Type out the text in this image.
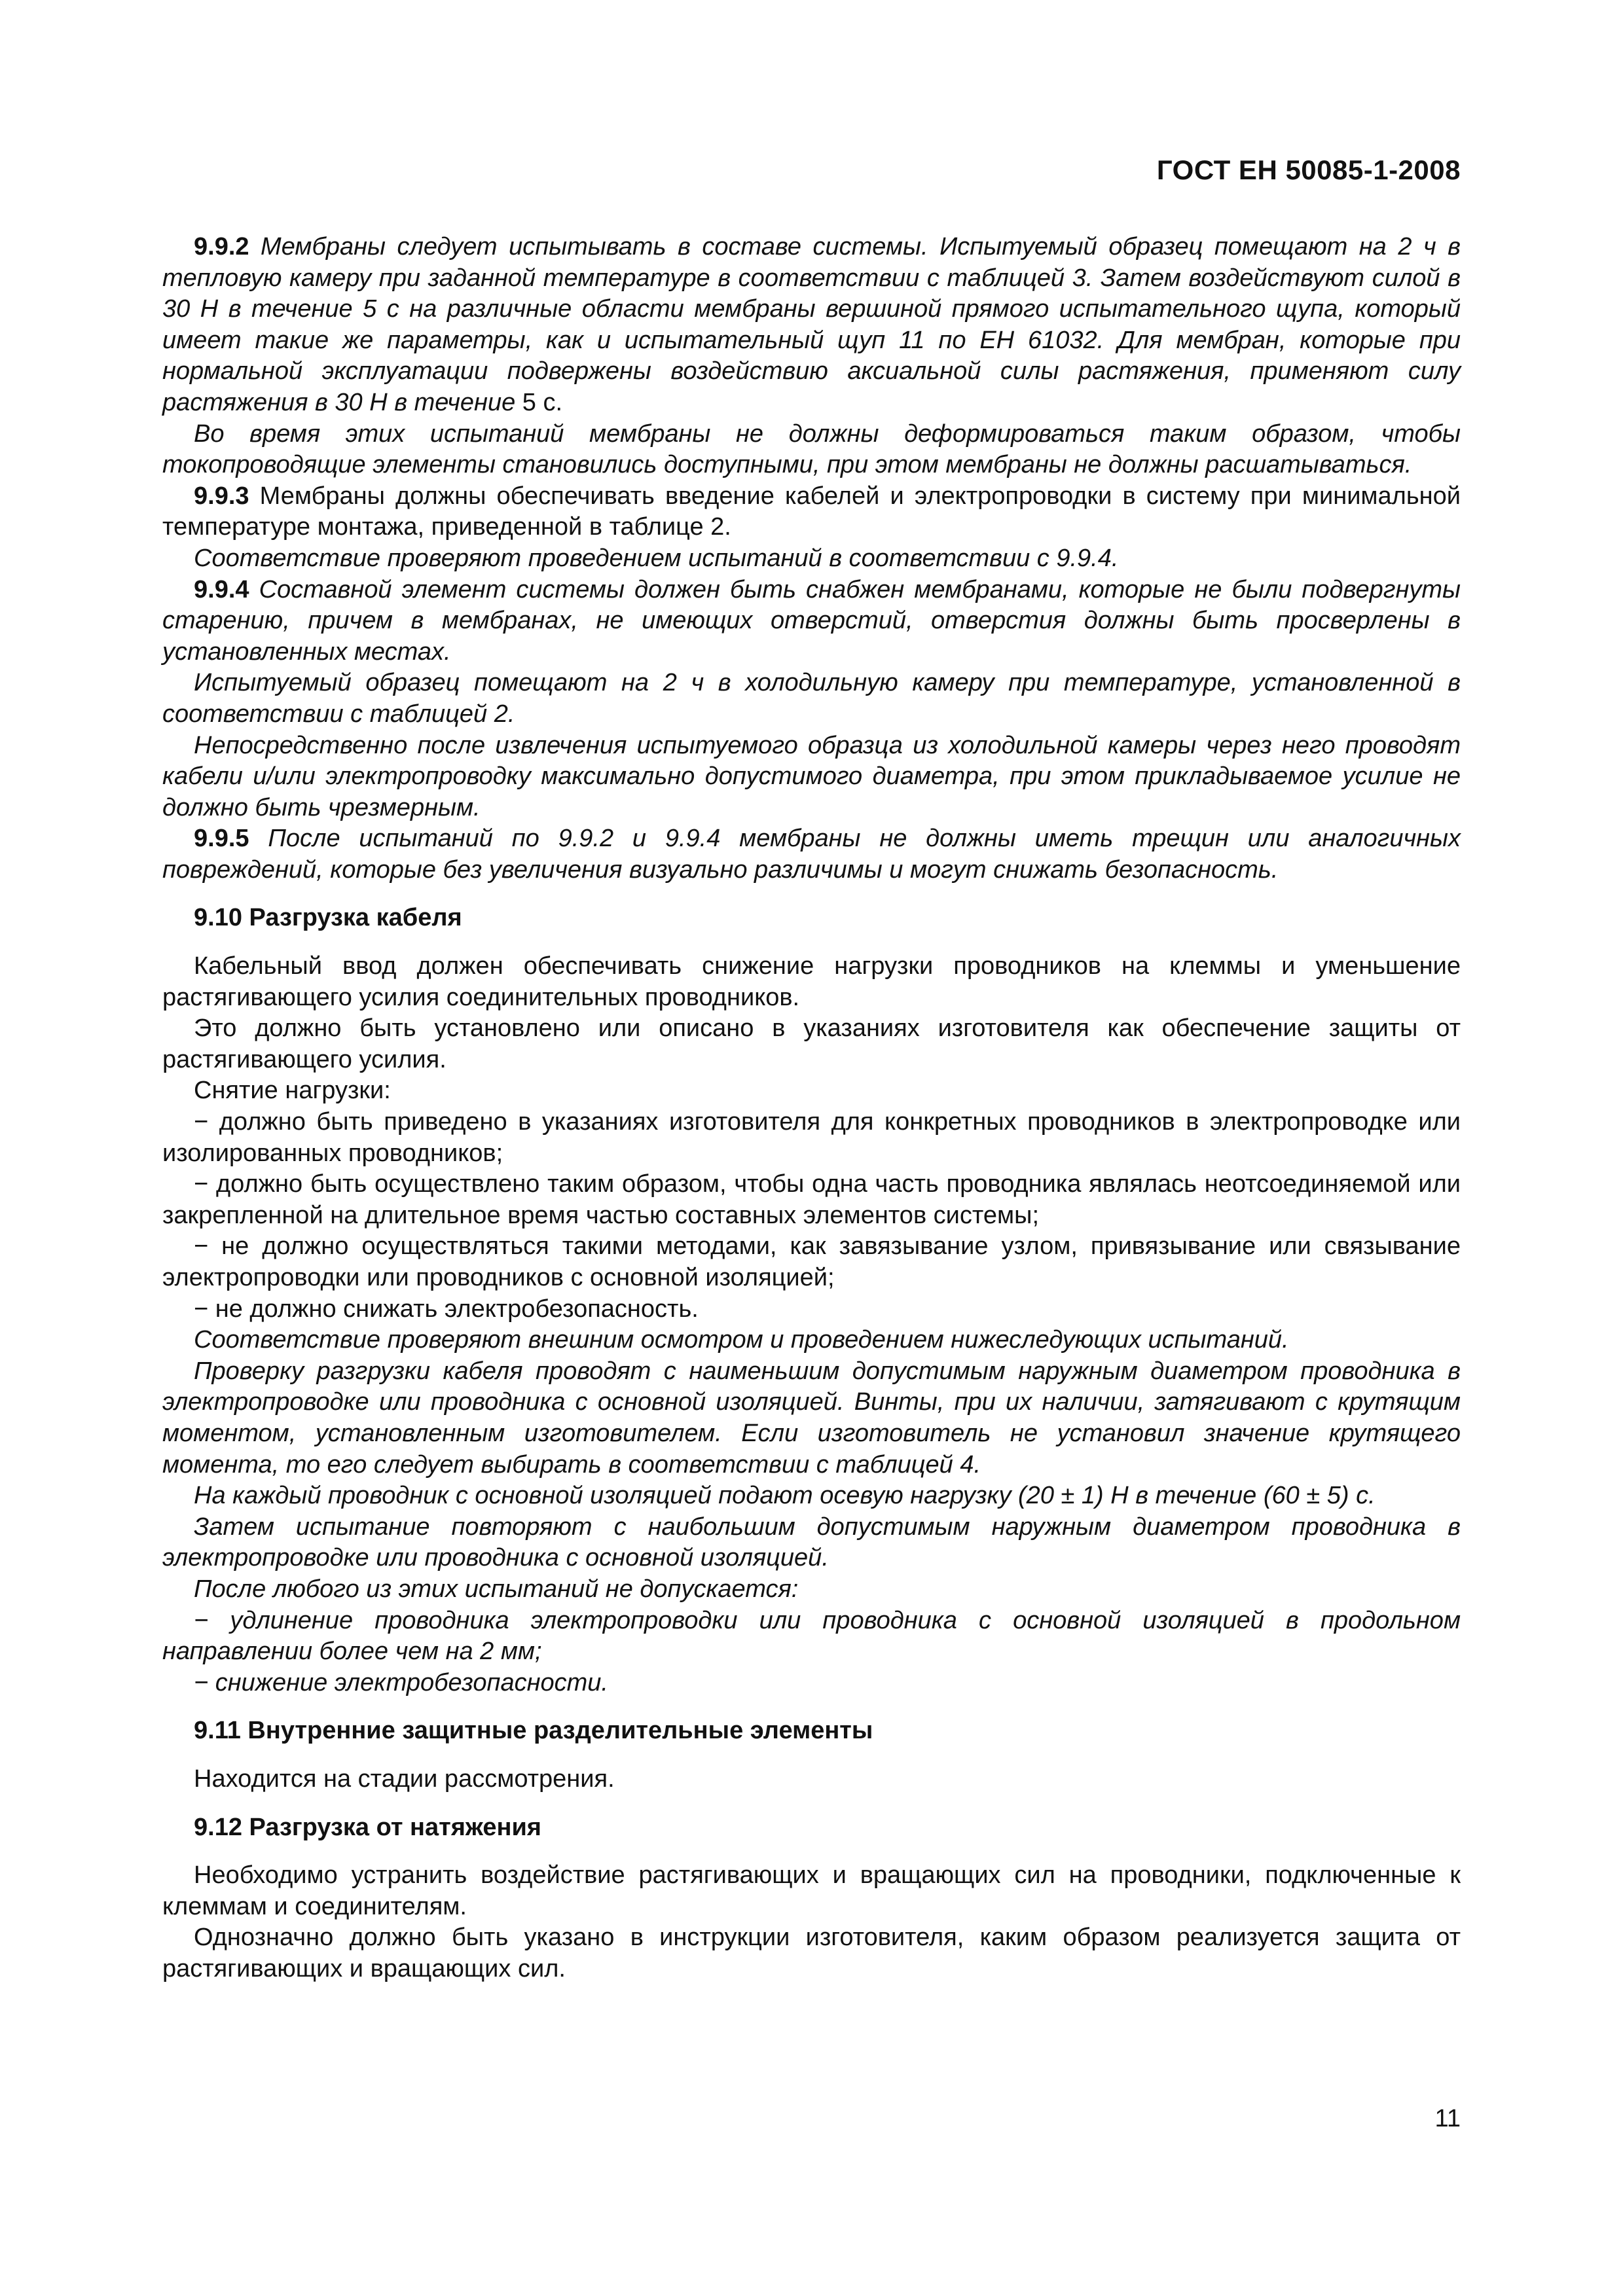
ГОСТ ЕН 50085-1-2008

9.9.2 Мембраны следует испытывать в составе системы. Испытуемый образец помещают на 2 ч в тепловую камеру при заданной температуре в соответствии с таблицей 3. Затем воздействуют силой в 30 Н в течение 5 с на различные области мембраны вершиной прямого испытательного щупа, который имеет такие же параметры, как и испытательный щуп 11 по ЕН 61032. Для мембран, которые при нормальной эксплуатации подвержены воздействию аксиальной силы растяжения, применяют силу растяжения в 30 Н в течение 5 с.

Во время этих испытаний мембраны не должны деформироваться таким образом, чтобы токопроводящие элементы становились доступными, при этом мембраны не должны расшатываться.

9.9.3 Мембраны должны обеспечивать введение кабелей и электропроводки в систему при минимальной температуре монтажа, приведенной в таблице 2.

Соответствие проверяют проведением испытаний в соответствии с 9.9.4.

9.9.4 Составной элемент системы должен быть снабжен мембранами, которые не были подвергнуты старению, причем в мембранах, не имеющих отверстий, отверстия должны быть просверлены в установленных местах.

Испытуемый образец помещают на 2 ч в холодильную камеру при температуре, установленной в соответствии с таблицей 2.

Непосредственно после извлечения испытуемого образца из холодильной камеры через него проводят кабели и/или электропроводку максимально допустимого диаметра, при этом прикладываемое усилие не должно быть чрезмерным.

9.9.5 После испытаний по 9.9.2 и 9.9.4 мембраны не должны иметь трещин или аналогичных повреждений, которые без увеличения визуально различимы и могут снижать безопасность.

9.10 Разгрузка кабеля

Кабельный ввод должен обеспечивать снижение нагрузки проводников на клеммы и уменьшение растягивающего усилия соединительных проводников.

Это должно быть установлено или описано в указаниях изготовителя как обеспечение защиты от растягивающего усилия.

Снятие нагрузки:

− должно быть приведено в указаниях изготовителя для конкретных проводников в электропроводке или изолированных проводников;

− должно быть осуществлено таким образом, чтобы одна часть проводника являлась неотсоединяемой или закрепленной на длительное время частью составных элементов системы;

− не должно осуществляться такими методами, как завязывание узлом, привязывание или связывание электропроводки или проводников с основной изоляцией;

− не должно снижать электробезопасность.

Соответствие проверяют внешним осмотром и проведением нижеследующих испытаний.

Проверку разгрузки кабеля проводят с наименьшим допустимым наружным диаметром проводника в электропроводке или проводника с основной изоляцией. Винты, при их наличии, затягивают с крутящим моментом, установленным изготовителем. Если изготовитель не установил значение крутящего момента, то его следует выбирать в соответствии с таблицей 4.

На каждый проводник с основной изоляцией подают осевую нагрузку (20 ± 1) Н в течение (60 ± 5) с.

Затем испытание повторяют с наибольшим допустимым наружным диаметром проводника в электропроводке или проводника с основной изоляцией.

После любого из этих испытаний не допускается:

− удлинение проводника электропроводки или проводника с основной изоляцией в продольном направлении более чем на 2 мм;

− снижение электробезопасности.

9.11 Внутренние защитные разделительные элементы

Находится на стадии рассмотрения.

9.12 Разгрузка от натяжения

Необходимо устранить воздействие растягивающих и вращающих сил на проводники, подключенные к клеммам и соединителям.

Однозначно должно быть указано в инструкции изготовителя, каким образом реализуется защита от растягивающих и вращающих сил.

11
